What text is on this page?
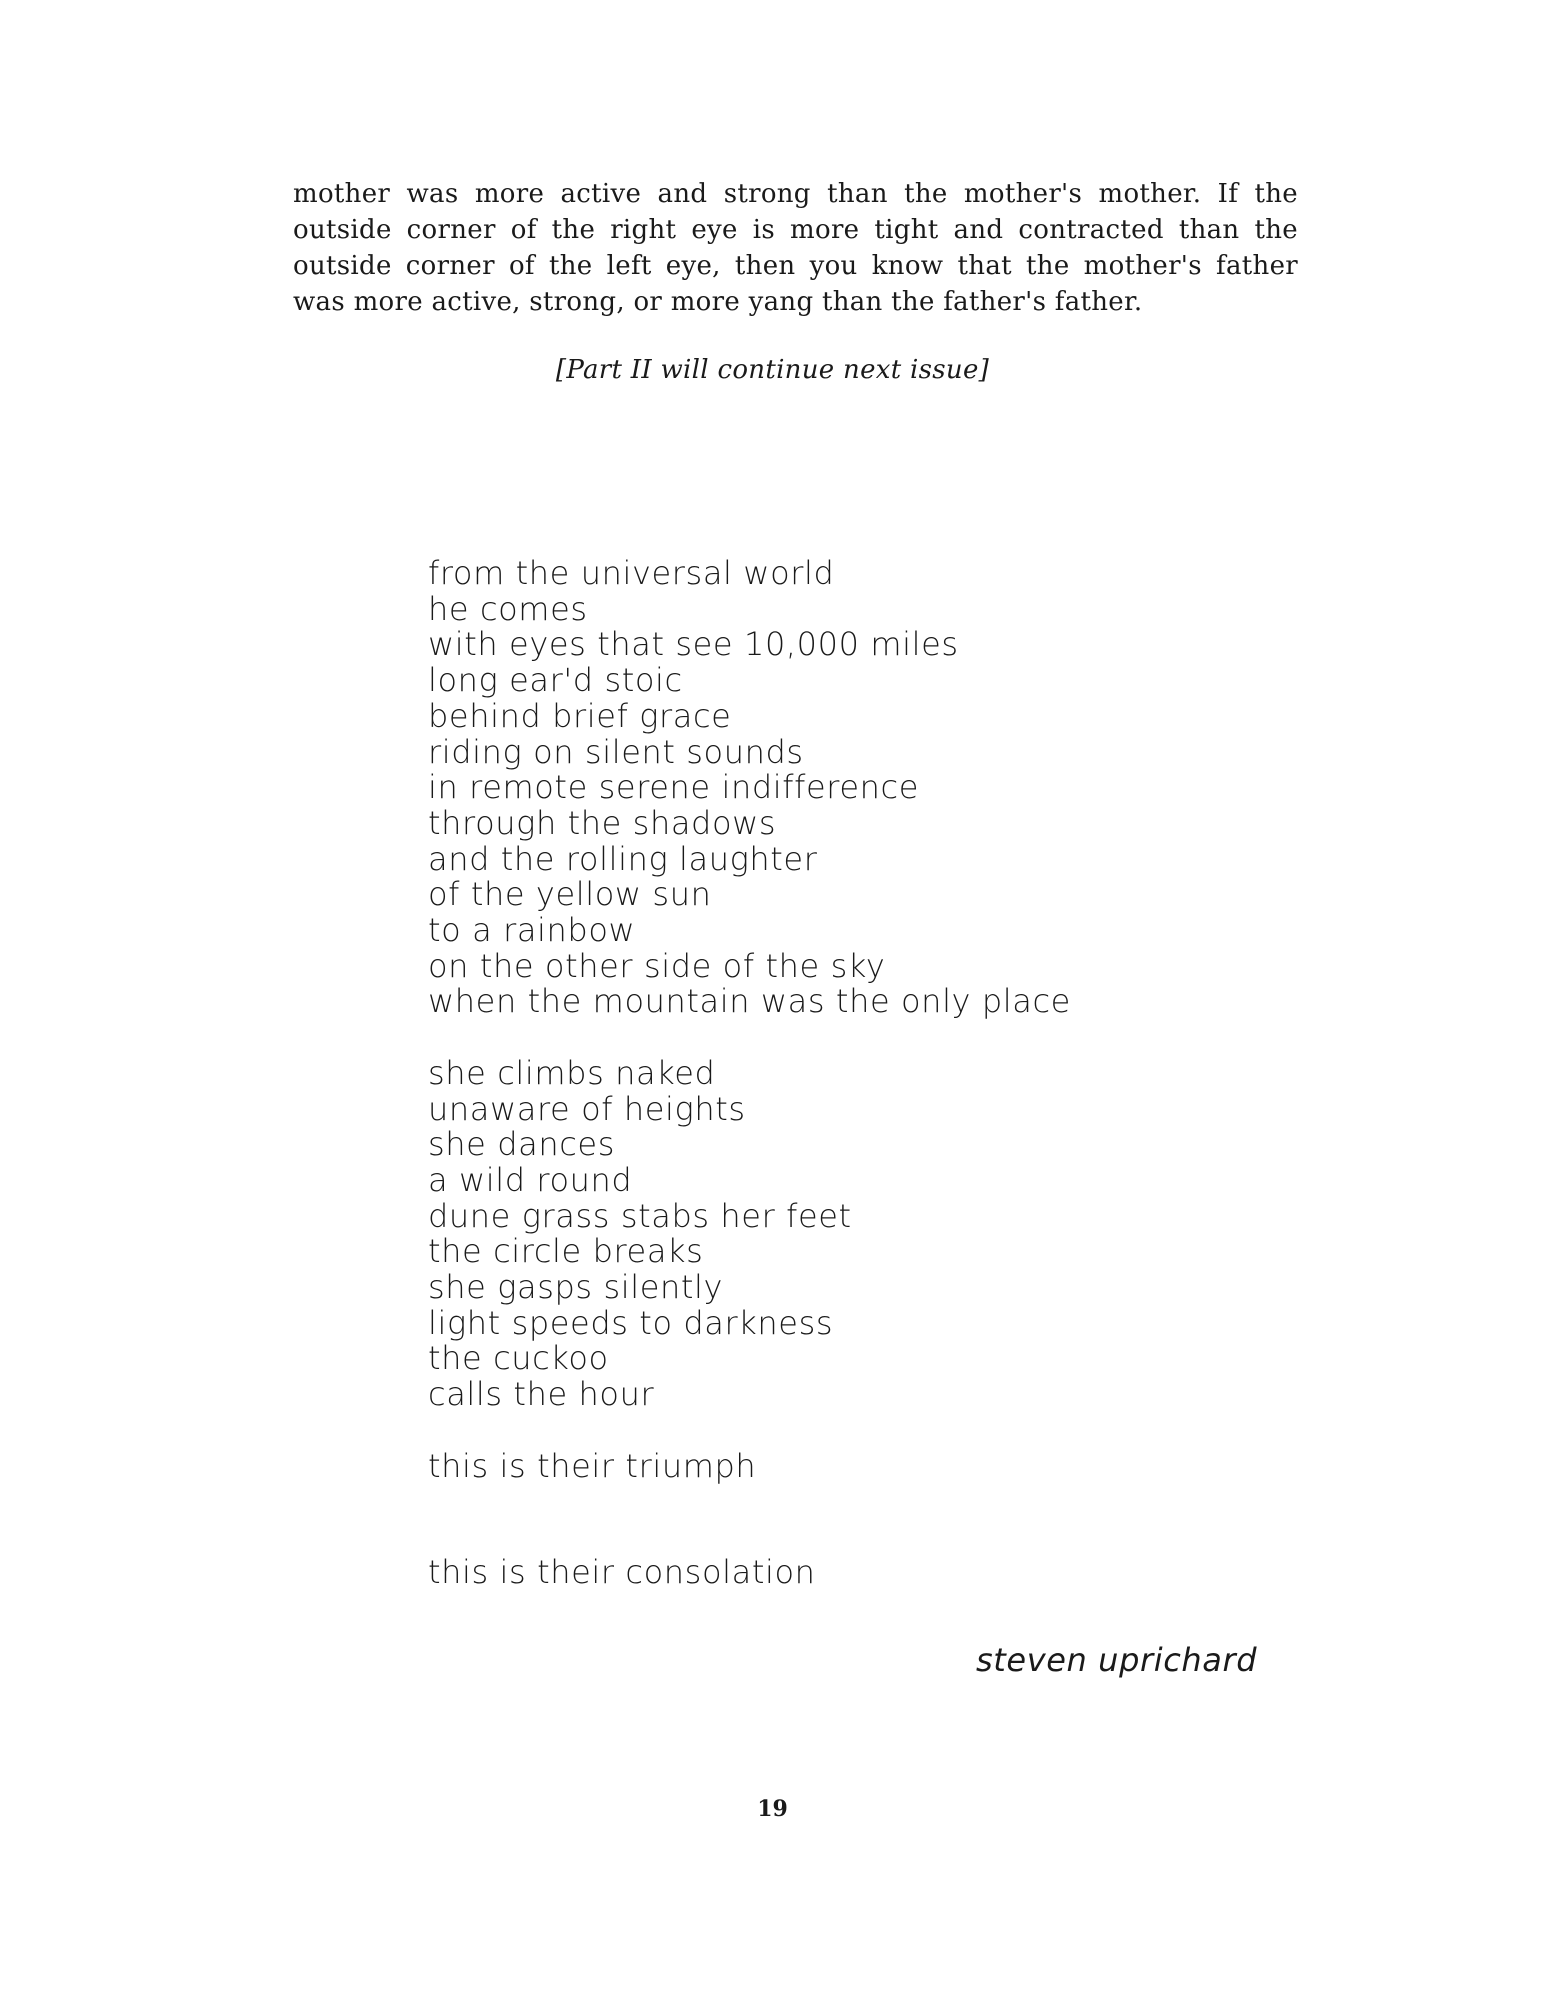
mother was more active and strong than the mother's mother. If the
outside corner of the right eye is more tight and contracted than the
outside corner of the left eye, then you know that the mother's father
was more active, strong, or more yang than the father's father.
[Part II will continue next issue]
from the universal world
he comes
with eyes that see 10,000 miles
long ear'd stoic
behind brief grace
riding on silent sounds
in remote serene indifference
through the shadows
and the rolling laughter
of the yellow sun
to a rainbow
on the other side of the sky
when the mountain was the only place
she climbs naked
unaware of heights
she dances
a wild round
dune grass stabs her feet
the circle breaks
she gasps silently
light speeds to darkness
the cuckoo
calls the hour
this is their triumph
this is their consolation
steven uprichard
19
